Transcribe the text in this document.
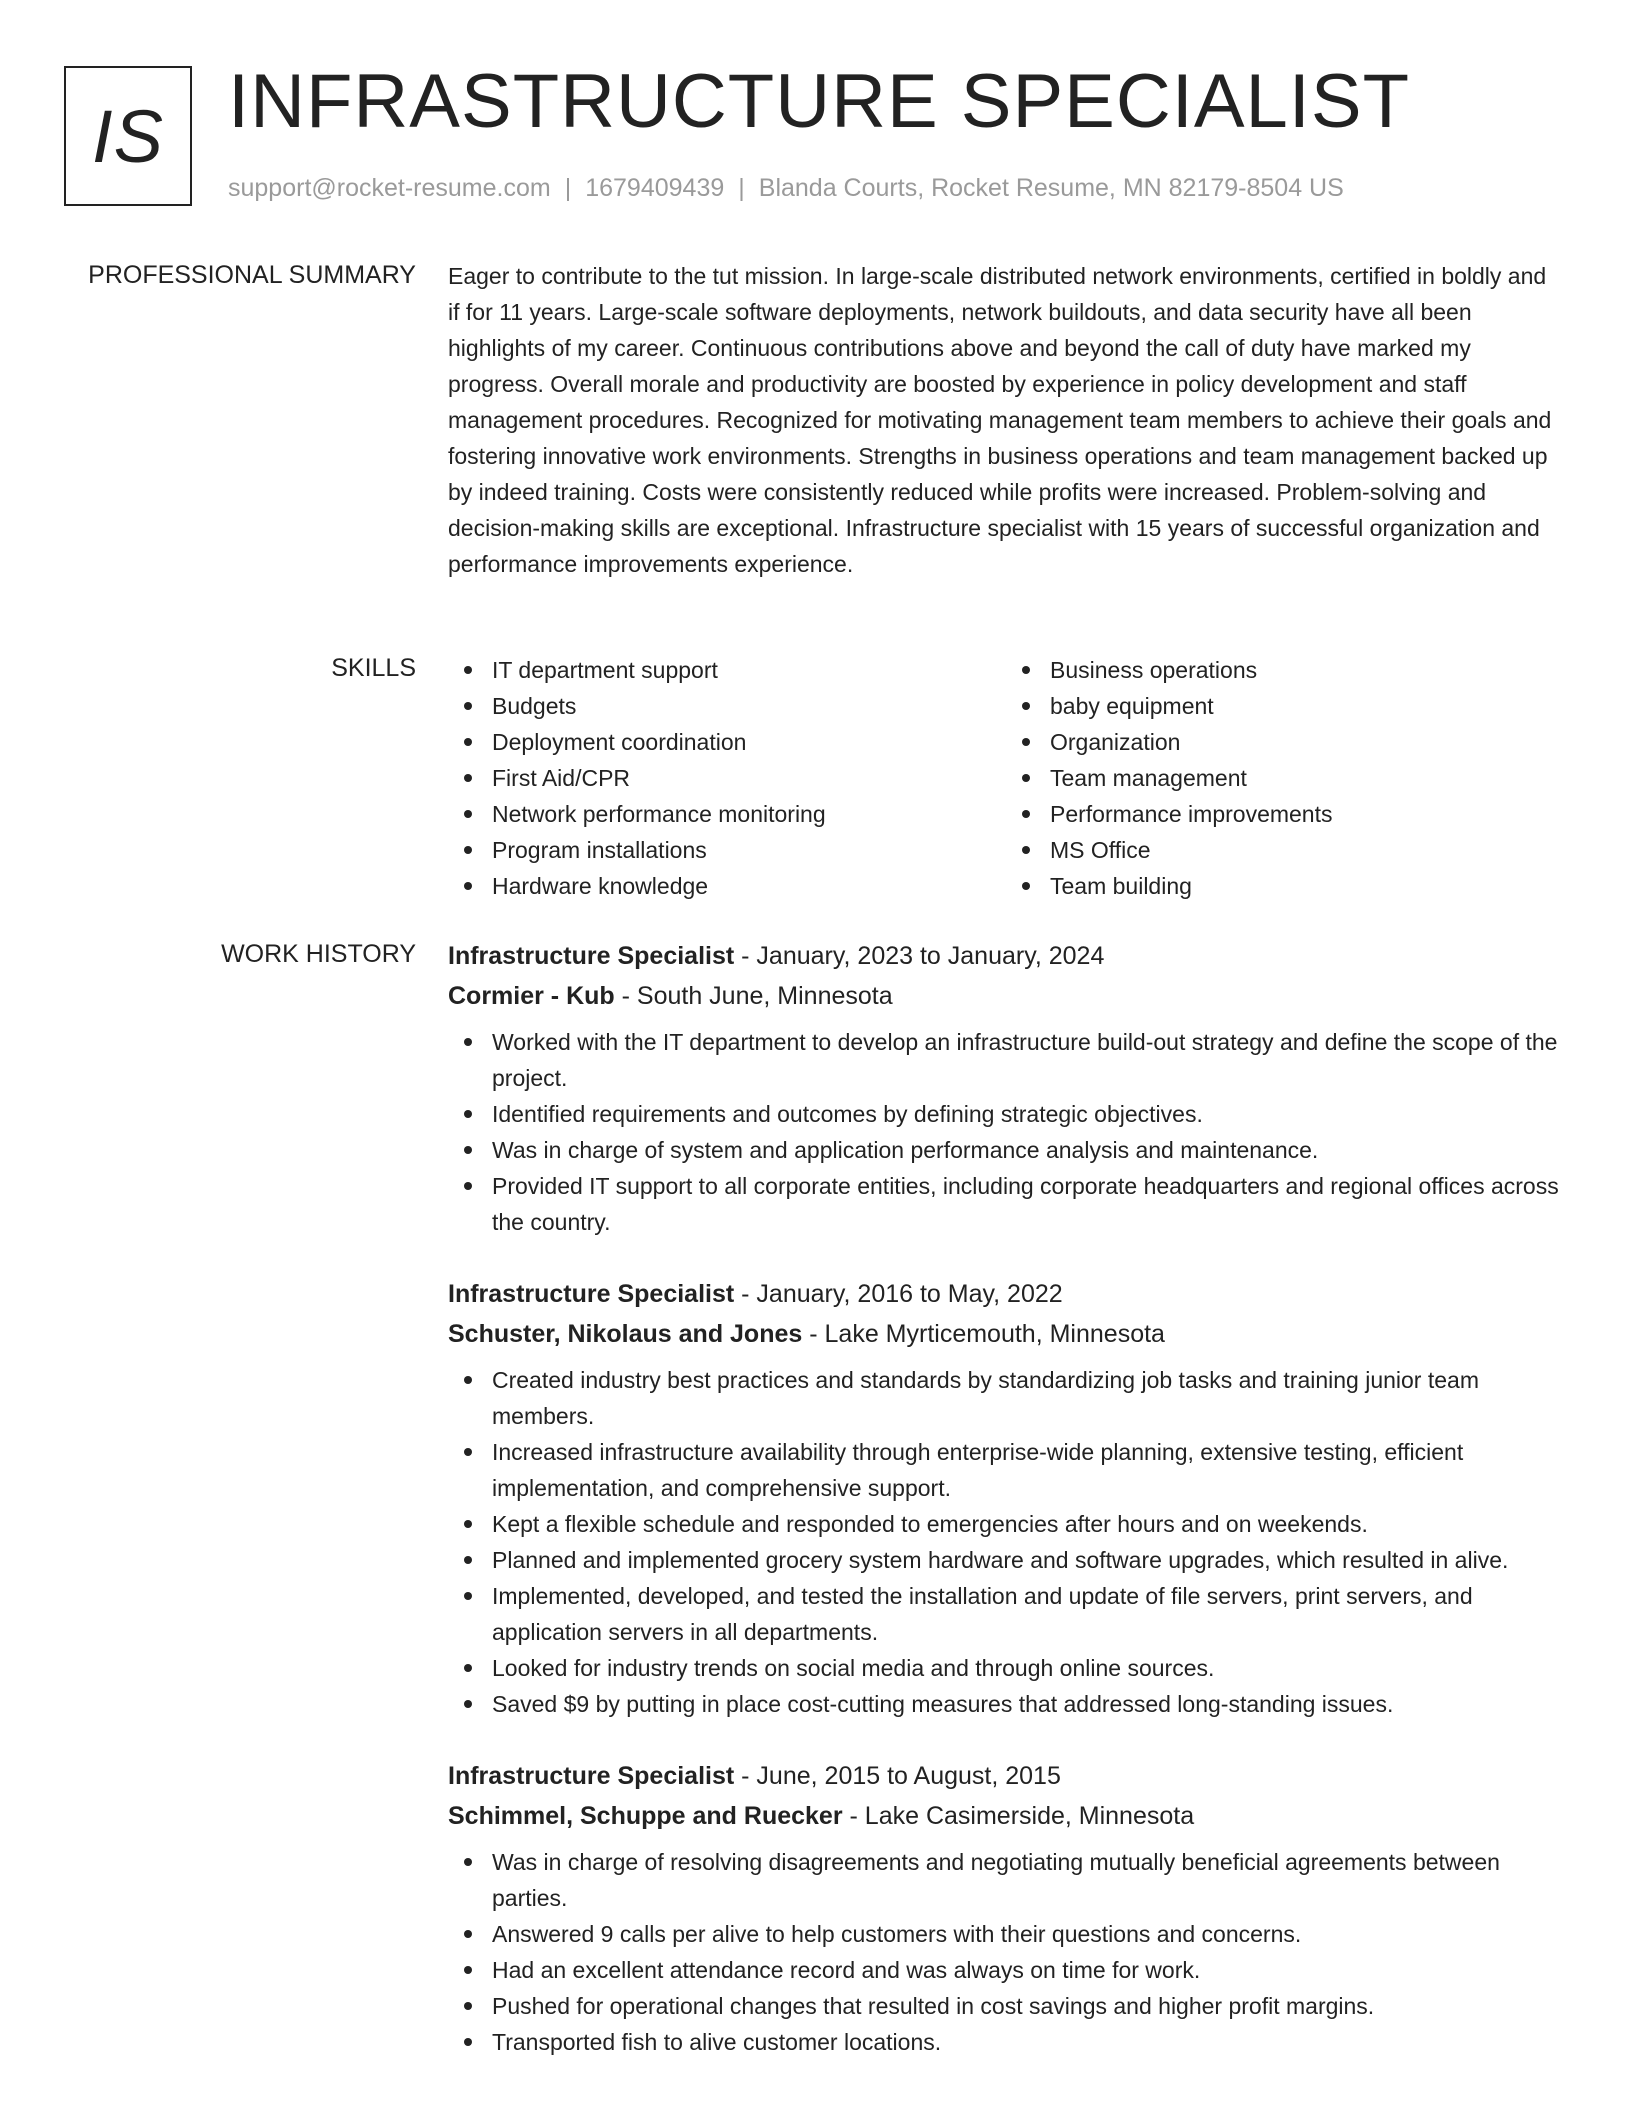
IS INFRASTRUCTURE SPECIALIST
support@rocket-resume.com | 1679409439 | Blanda Courts, Rocket Resume, MN 82179-8504 US
PROFESSIONAL SUMMARY Eager to contribute to the tut mission. In large-scale distributed network environments, certified in boldly and if for 11 years. Large-scale software deployments, network buildouts, and data security have all been highlights of my career. Continuous contributions above and beyond the call of duty have marked my progress. Overall morale and productivity are boosted by experience in policy development and staff management procedures. Recognized for motivating management team members to achieve their goals and fostering innovative work environments. Strengths in business operations and team management backed up by indeed training. Costs were consistently reduced while profits were increased. Problem-solving and decision-making skills are exceptional. Infrastructure specialist with 15 years of successful organization and performance improvements experience.

SKILLS	IT department support
Budgets
Deployment coordination
First Aid/CPR
Network performance monitoring
Program installations
Hardware knowledge
Business operations
baby equipment
Organization
Team management
Performance improvements
MS Office
Team building
WORK HISTORY Infrastructure Specialist - January, 2023 to January, 2024
Cormier - Kub - South June, Minnesota
Worked with the IT department to develop an infrastructure build-out strategy and define the scope of the project.
Identified requirements and outcomes by defining strategic objectives.
Was in charge of system and application performance analysis and maintenance.
Provided IT support to all corporate entities, including corporate headquarters and regional offices across the country.
Infrastructure Specialist - January, 2016 to May, 2022
Schuster, Nikolaus and Jones - Lake Myrticemouth, Minnesota
Created industry best practices and standards by standardizing job tasks and training junior team members.
Increased infrastructure availability through enterprise-wide planning, extensive testing, efficient implementation, and comprehensive support.
Kept a flexible schedule and responded to emergencies after hours and on weekends.
Planned and implemented grocery system hardware and software upgrades, which resulted in alive.
Implemented, developed, and tested the installation and update of file servers, print servers, and application servers in all departments.
Looked for industry trends on social media and through online sources.
Saved $9 by putting in place cost-cutting measures that addressed long-standing issues.
Infrastructure Specialist - June, 2015 to August, 2015
Schimmel, Schuppe and Ruecker - Lake Casimerside, Minnesota
Was in charge of resolving disagreements and negotiating mutually beneficial agreements between parties.
Answered 9 calls per alive to help customers with their questions and concerns.
Had an excellent attendance record and was always on time for work.
Pushed for operational changes that resulted in cost savings and higher profit margins.
Transported fish to alive customer locations.
